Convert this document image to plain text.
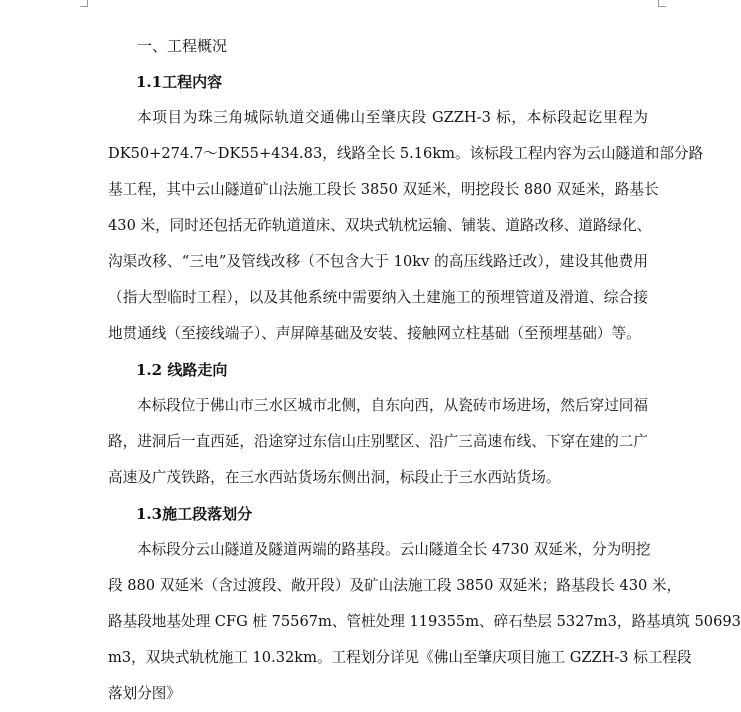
一、工程概况
1.1工程内容
本项目为珠三角城际轨道交通佛山至肇庆段 GZZH-3 标，本标段起讫里程为
DK50+274.7～DK55+434.83，线路全长 5.16km。该标段工程内容为云山隧道和部分路
基工程，其中云山隧道矿山法施工段长 3850 双延米，明挖段长 880 双延米，路基长
430 米，同时还包括无砟轨道道床、双块式轨枕运输、铺装、道路改移、道路绿化、
沟渠改移、“三电”及管线改移（不包含大于 10kv 的高压线路迁改），建设其他费用
（指大型临时工程），以及其他系统中需要纳入土建施工的预埋管道及滑道、综合接
地贯通线（至接线端子）、声屏障基础及安装、接触网立柱基础（至预埋基础）等。
1.2 线路走向
本标段位于佛山市三水区城市北侧，自东向西，从瓷砖市场进场，然后穿过同福
路，进洞后一直西延，沿途穿过东信山庄别墅区、沿广三高速布线、下穿在建的二广
高速及广茂铁路，在三水西站货场东侧出洞，标段止于三水西站货场。
1.3施工段落划分
本标段分云山隧道及隧道两端的路基段。云山隧道全长 4730 双延米，分为明挖
段 880 双延米（含过渡段、敞开段）及矿山法施工段 3850 双延米；路基段长 430 米，
路基段地基处理 CFG 桩 75567m、管桩处理 119355m、碎石垫层 5327m3，路基填筑 50693
m3，双块式轨枕施工 10.32km。工程划分详见《佛山至肇庆项目施工 GZZH-3 标工程段
落划分图》
